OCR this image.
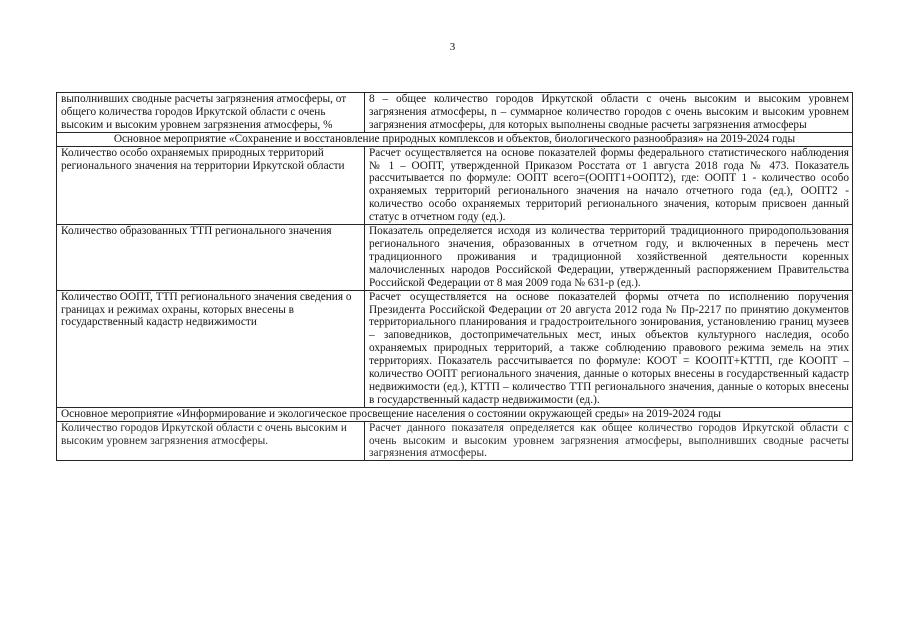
3
выполнивших сводные расчеты загрязнения атмосферы, от общего количества городов Иркутской области с очень высоким и высоким уровнем загрязнения атмосферы, %	8 – общее количество городов Иркутской области с очень высоким и высоким уровнем загрязнения атмосферы, n – суммарное количество городов с очень высоким и высоким уровнем загрязнения атмосферы, для которых выполнены сводные расчеты загрязнения атмосферы
Основное мероприятие «Сохранение и восстановление природных комплексов и объектов, биологического разнообразия» на 2019-2024 годы	
Количество особо охраняемых природных территорий регионального значения на территории Иркутской области	Расчет осуществляется на основе показателей формы федерального статистического наблюдения № 1 – ООПТ, утвержденной Приказом Росстата от 1 августа 2018 года № 473. Показатель рассчитывается по формуле: ООПТ всего=(ООПТ1+ООПТ2), где: ООПТ 1 - количество особо охраняемых территорий регионального значения на начало отчетного года (ед.), ООПТ2 - количество особо охраняемых территорий регионального значения, которым присвоен данный статус в отчетном году (ед.).
Количество образованных ТТП регионального значения	Показатель определяется исходя из количества территорий традиционного природопользования регионального значения, образованных в отчетном году, и включенных в перечень мест традиционного проживания и традиционной хозяйственной деятельности коренных малочисленных народов Российской Федерации, утвержденный распоряжением Правительства Российской Федерации от 8 мая 2009 года № 631-р (ед.).
Количество ООПТ, ТТП регионального значения сведения о границах и режимах охраны, которых внесены в государственный кадастр недвижимости	Расчет осуществляется на основе показателей формы отчета по исполнению поручения Президента Российской Федерации от 20 августа 2012 года № Пр-2217 по принятию документов территориального планирования и градостроительного зонирования, установлению границ музеев – заповедников, достопримечательных мест, иных объектов культурного наследия, особо охраняемых природных территорий, а также соблюдению правового режима земель на этих территориях. Показатель рассчитывается по формуле: КООТ = КООПТ+КТТП, где КООПТ – количество ООПТ регионального значения, данные о которых внесены в государственный кадастр недвижимости (ед.), КТТП – количество ТТП регионального значения, данные о которых внесены в государственный кадастр недвижимости (ед.).
Основное мероприятие «Информирование и экологическое просвещение населения о состоянии окружающей среды» на 2019-2024 годы	
Количество городов Иркутской области с очень высоким и высоким уровнем загрязнения атмосферы.	Расчет данного показателя определяется как общее количество городов Иркутской области с очень высоким и высоким уровнем загрязнения атмосферы, выполнивших сводные расчеты загрязнения атмосферы.
